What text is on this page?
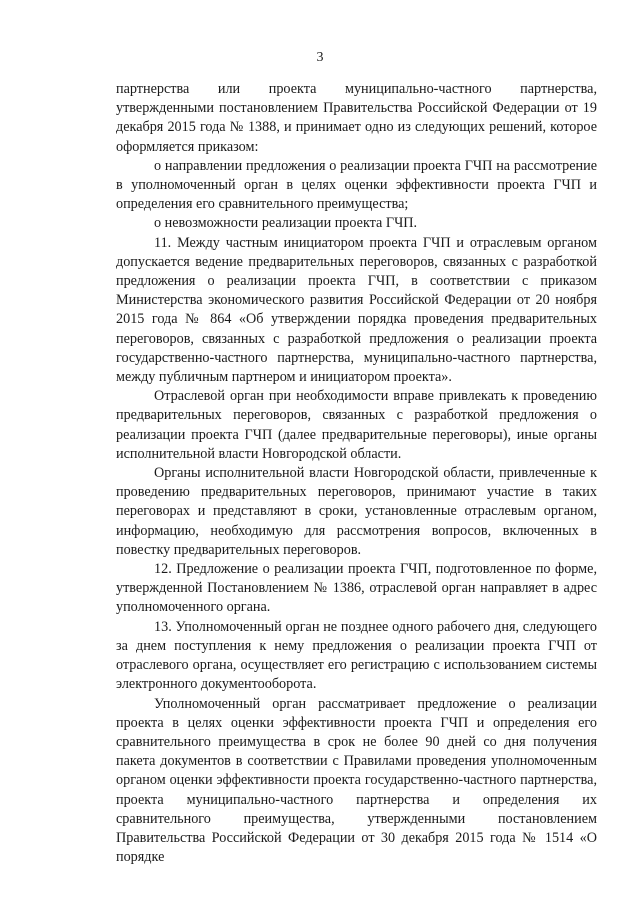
3

партнерства или проекта муниципально-частного партнерства, утвержденными постановлением Правительства Российской Федерации от 19 декабря 2015 года № 1388, и принимает одно из следующих решений, которое оформляется приказом:

о направлении предложения о реализации проекта ГЧП на рассмотрение в уполномоченный орган в целях оценки эффективности проекта ГЧП и определения его сравнительного преимущества;

о невозможности реализации проекта ГЧП.

11. Между частным инициатором проекта ГЧП и отраслевым органом допускается ведение предварительных переговоров, связанных с разработкой предложения о реализации проекта ГЧП, в соответствии с приказом Министерства экономического развития Российской Федерации от 20 ноября 2015 года № 864 «Об утверждении порядка проведения предварительных переговоров, связанных с разработкой предложения о реализации проекта государственно-частного партнерства, муниципально-частного партнерства, между публичным партнером и инициатором проекта».

Отраслевой орган при необходимости вправе привлекать к проведению предварительных переговоров, связанных с разработкой предложения о реализации проекта ГЧП (далее предварительные переговоры), иные органы исполнительной власти Новгородской области.

Органы исполнительной власти Новгородской области, привлеченные к проведению предварительных переговоров, принимают участие в таких переговорах и представляют в сроки, установленные отраслевым органом, информацию, необходимую для рассмотрения вопросов, включенных в повестку предварительных переговоров.

12. Предложение о реализации проекта ГЧП, подготовленное по форме, утвержденной Постановлением № 1386, отраслевой орган направляет в адрес уполномоченного органа.

13. Уполномоченный орган не позднее одного рабочего дня, следующего за днем поступления к нему предложения о реализации проекта ГЧП от отраслевого органа, осуществляет его регистрацию с использованием системы электронного документооборота.

Уполномоченный орган рассматривает предложение о реализации проекта в целях оценки эффективности проекта ГЧП и определения его сравнительного преимущества в срок не более 90 дней со дня получения пакета документов в соответствии с Правилами проведения уполномоченным органом оценки эффективности проекта государственно-частного партнерства, проекта муниципально-частного партнерства и определения их сравнительного преимущества, утвержденными постановлением Правительства Российской Федерации от 30 декабря 2015 года № 1514 «О порядке
